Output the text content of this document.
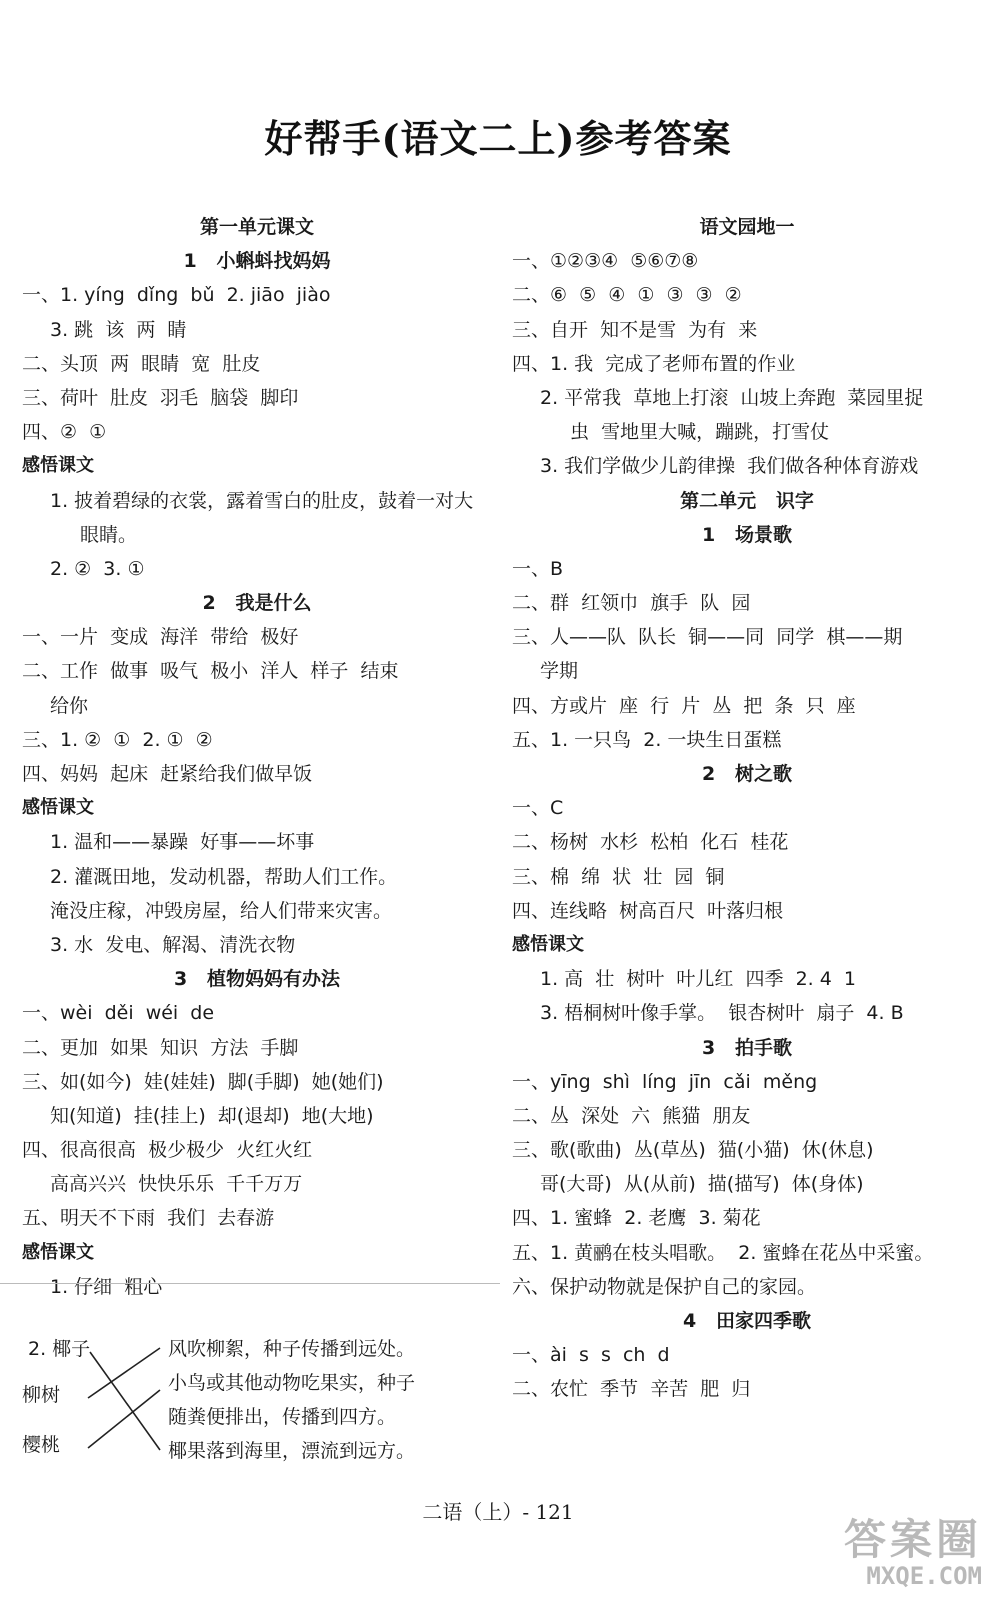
好帮手(语文二上)参考答案
第一单元课文
1   小蝌蚪找妈妈
一、1. yíng  dǐng  bǔ  2. jiāo  jiào
3. 跳  该  两  睛
二、头顶  两  眼睛  宽  肚皮
三、荷叶  肚皮  羽毛  脑袋  脚印
四、②  ①
感悟课文
1. 披着碧绿的衣裳，露着雪白的肚皮，鼓着一对大
眼睛。
2. ②  3. ①
2   我是什么
一、一片  变成  海洋  带给  极好
二、工作  做事  吸气  极小  洋人  样子  结束
给你
三、1. ②  ①  2. ①  ②
四、妈妈  起床  赶紧给我们做早饭
感悟课文
1. 温和——暴躁  好事——坏事
2. 灌溉田地，发动机器，帮助人们工作。
淹没庄稼，冲毁房屋，给人们带来灾害。
3. 水  发电、解渴、清洗衣物
3   植物妈妈有办法
一、wèi  děi  wéi  de
二、更加  如果  知识  方法  手脚
三、如(如今)  娃(娃娃)  脚(手脚)  她(她们)
知(知道)  挂(挂上)  却(退却)  地(大地)
四、很高很高  极少极少  火红火红
高高兴兴  快快乐乐  千千万万
五、明天不下雨  我们  去春游
感悟课文
1. 仔细  粗心
语文园地一
一、①②③④  ⑤⑥⑦⑧
二、⑥  ⑤  ④  ①  ③  ③  ②
三、自开  知不是雪  为有  来
四、1. 我  完成了老师布置的作业
2. 平常我  草地上打滚  山坡上奔跑  菜园里捉
虫  雪地里大喊，蹦跳，打雪仗
3. 我们学做少儿韵律操  我们做各种体育游戏
第二单元   识字
1   场景歌
一、B
二、群  红领巾  旗手  队  园
三、人——队  队长  铜——同  同学  棋——期
学期
四、方或片  座  行  片  丛  把  条  只  座
五、1. 一只鸟  2. 一块生日蛋糕
2   树之歌
一、C
二、杨树  水杉  松柏  化石  桂花
三、棉  绵  状  壮  园  铜
四、连线略  树高百尺  叶落归根
感悟课文
1. 高  壮  树叶  叶儿红  四季  2. 4  1
3. 梧桐树叶像手掌。  银杏树叶  扇子  4. B
3   拍手歌
一、yīng  shì  líng  jīn  cǎi  měng
二、丛  深处  六  熊猫  朋友
三、歌(歌曲)  丛(草丛)  猫(小猫)  休(休息)
哥(大哥)  从(从前)  描(描写)  体(身体)
四、1. 蜜蜂  2. 老鹰  3. 菊花
五、1. 黄鹂在枝头唱歌。  2. 蜜蜂在花丛中采蜜。
六、保护动物就是保护自己的家园。
4   田家四季歌
一、ài  s  s  ch  d
二、农忙  季节  辛苦  肥  归
2. 椰子
柳树
樱桃
风吹柳絮，种子传播到远处。
小鸟或其他动物吃果实，种子
随粪便排出，传播到四方。
椰果落到海里，漂流到远方。
二语（上）- 121
答案圈
MXQE.COM
